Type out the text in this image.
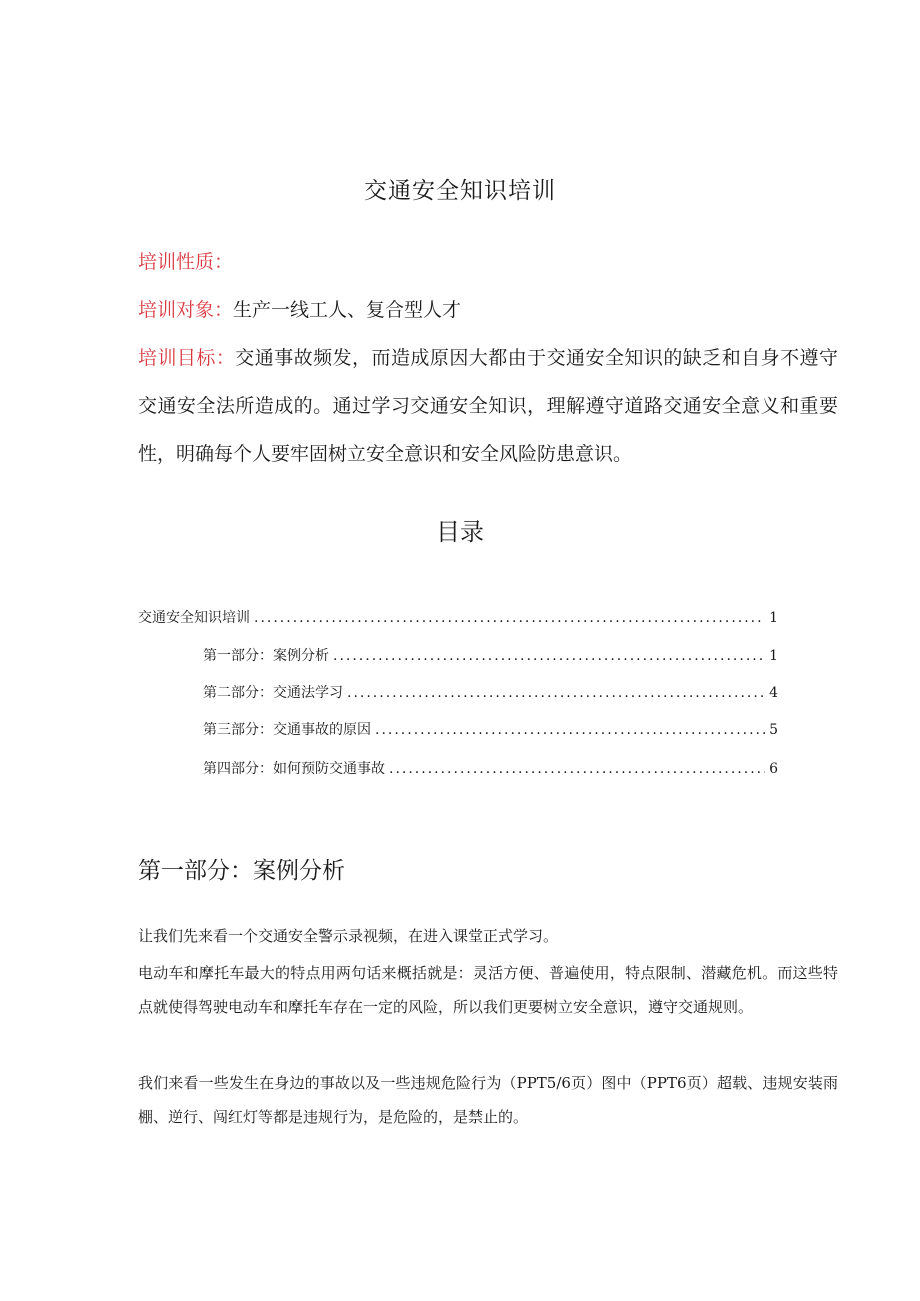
交通安全知识培训
培训性质：
培训对象：生产一线工人、复合型人才
培训目标：交通事故频发，而造成原因大都由于交通安全知识的缺乏和自身不遵守交通安全法所造成的。通过学习交通安全知识，理解遵守道路交通安全意义和重要性，明确每个人要牢固树立安全意识和安全风险防患意识。
目录
交通安全知识培训 .....	1
第一部分：案例分析 .....	1
第二部分：交通法学习 .....	4
第三部分：交通事故的原因 .....	5
第四部分：如何预防交通事故 .....	6
第一部分：案例分析
让我们先来看一个交通安全警示录视频，在进入课堂正式学习。
电动车和摩托车最大的特点用两句话来概括就是：灵活方便、普遍使用，特点限制、潜藏危机。而这些特点就使得驾驶电动车和摩托车存在一定的风险，所以我们更要树立安全意识，遵守交通规则。
我们来看一些发生在身边的事故以及一些违规危险行为（PPT5/6页）图中（PPT6页）超载、违规安装雨棚、逆行、闯红灯等都是违规行为，是危险的，是禁止的。
